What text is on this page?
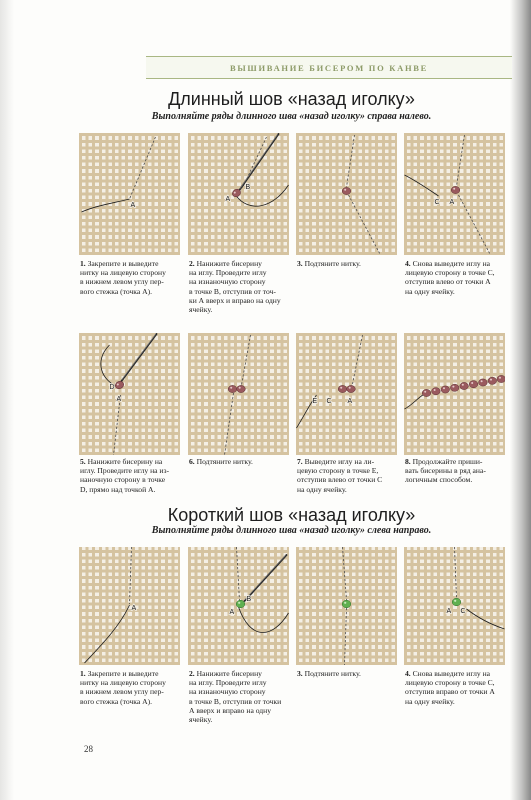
ВЫШИВАНИЕ БИСЕРОМ ПО КАНВЕ
Длинный шов «назад иголку»
Выполняйте ряды длинного шва «назад иголку» справа налево.
A
A
B
C A
1. Закрепите и выведите
нитку на лицевую сторону
в нижнем левом углу пер-
вого стежка (точка А).
2. Нанижите бисерину
на иглу. Проведите иглу
на изнаночную сторону
в точке В, отступив от точ-
ки А вверх и вправо на одну
ячейку.
3. Подтяните нитку.	4. Снова выведите иглу на
лицевую сторону в точке С,
отступив влево от точки А
на одну ячейку.
D
A	E C A
5. Нанижите бисерину на
иглу. Проведите иглу на из-
наночную сторону в точке
D, прямо над точкой А.
6. Подтяните нитку.	7. Выведите иглу на ли-
цевую сторону в точке Е,
отступив влево от точки С
на одну ячейку.
8. Продолжайте приши-
вать бисерины в ряд ана-
логичным способом.
Короткий шов «назад иголку»
Выполняйте ряды длинного шва «назад иголку» слева направо.
A
A
B
A C
1. Закрепите и выведите
нитку на лицевую сторону
в нижнем левом углу пер-
вого стежка (точка А).
2. Нанижите бисерину
на иглу. Проведите иглу
на изнаночную сторону
в точке В, отступив от точки
А вверх и вправо на одну
ячейку.
3. Подтяните нитку.	4. Снова выведите иглу на
лицевую сторону в точке С,
отступив вправо от точки А
на одну ячейку.
28
